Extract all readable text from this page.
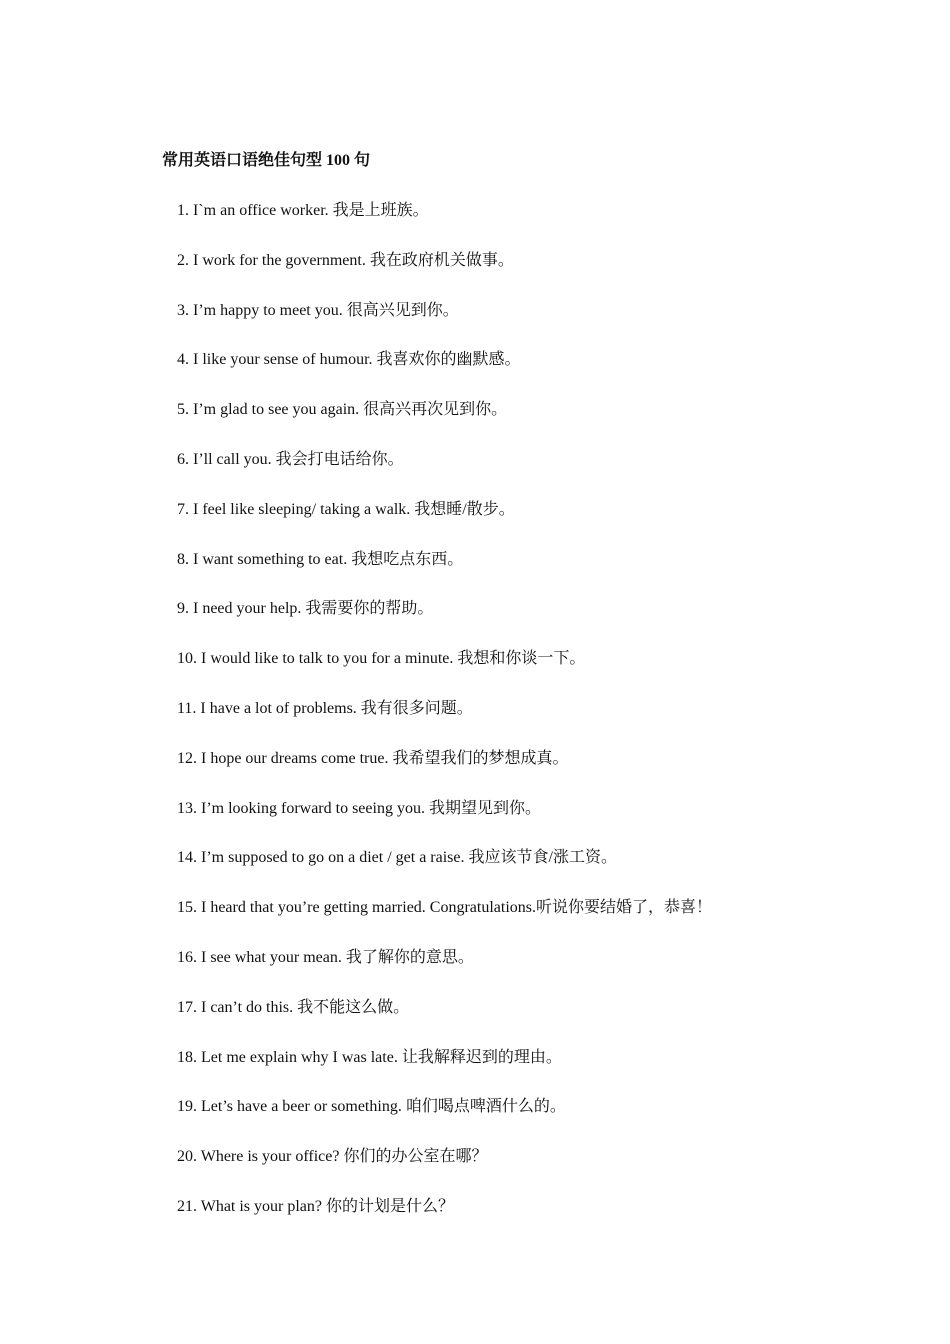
常用英语口语绝佳句型 100 句
1. I`m an office worker. 我是上班族。
2. I work for the government. 我在政府机关做事。
3. I’m happy to meet you. 很高兴见到你。
4. I like your sense of humour. 我喜欢你的幽默感。
5. I’m glad to see you again. 很高兴再次见到你。
6. I’ll call you. 我会打电话给你。
7. I feel like sleeping/ taking a walk. 我想睡/散步。
8. I want something to eat. 我想吃点东西。
9. I need your help. 我需要你的帮助。
10. I would like to talk to you for a minute. 我想和你谈一下。
11. I have a lot of problems. 我有很多问题。
12. I hope our dreams come true. 我希望我们的梦想成真。
13. I’m looking forward to seeing you. 我期望见到你。
14. I’m supposed to go on a diet / get a raise. 我应该节食/涨工资。
15. I heard that you’re getting married. Congratulations.听说你要结婚了，恭喜！
16. I see what your mean. 我了解你的意思。
17. I can’t do this. 我不能这么做。
18. Let me explain why I was late. 让我解释迟到的理由。
19. Let’s have a beer or something. 咱们喝点啤酒什么的。
20. Where is your office? 你们的办公室在哪？
21. What is your plan? 你的计划是什么？
